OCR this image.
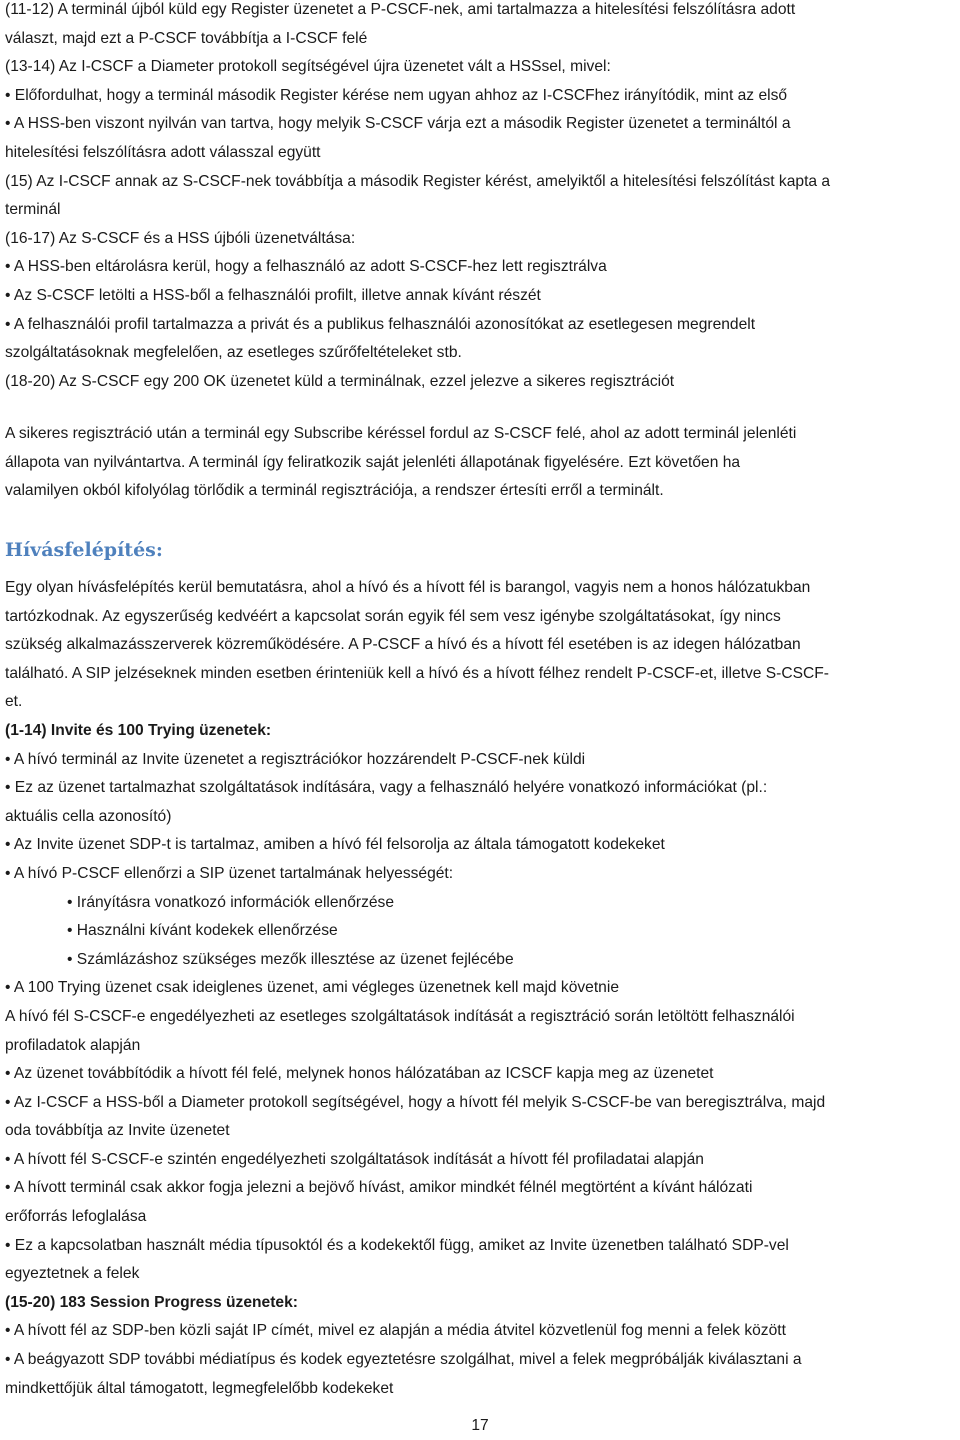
(11-12) A terminál újból küld egy Register üzenetet a P-CSCF-nek, ami tartalmazza a hitelesítési felszólításra adott
választ, majd ezt a P-CSCF továbbítja a I-CSCF felé
(13-14) Az I-CSCF a Diameter protokoll segítségével újra üzenetet vált a HSSsel, mivel:
• Előfordulhat, hogy a terminál második Register kérése nem ugyan ahhoz az I-CSCFhez irányítódik, mint az első
• A HSS-ben viszont nyilván van tartva, hogy melyik S-CSCF várja ezt a második Register üzenetet a termináltól a
hitelesítési felszólításra adott válasszal együtt
(15) Az I-CSCF annak az S-CSCF-nek továbbítja a második Register kérést, amelyiktől a hitelesítési felszólítást kapta a
terminál
(16-17) Az S-CSCF és a HSS újbóli üzenetváltása:
• A HSS-ben eltárolásra kerül, hogy a felhasználó az adott S-CSCF-hez lett regisztrálva
• Az S-CSCF letölti a HSS-ből a felhasználói profilt, illetve annak kívánt részét
• A felhasználói profil tartalmazza a privát és a publikus felhasználói azonosítókat az esetlegesen megrendelt
szolgáltatásoknak megfelelően, az esetleges szűrőfeltételeket stb.
(18-20) Az S-CSCF egy 200 OK üzenetet küld a terminálnak, ezzel jelezve a sikeres regisztrációt
A sikeres regisztráció után a terminál egy Subscribe kéréssel fordul az S-CSCF felé, ahol az adott terminál jelenléti
állapota van nyilvántartva. A terminál így feliratkozik saját jelenléti állapotának figyelésére. Ezt követően ha
valamilyen okból kifolyólag törlődik a terminál regisztrációja, a rendszer értesíti erről a terminált.
Hívásfelépítés:
Egy olyan hívásfelépítés kerül bemutatásra, ahol a hívó és a hívott fél is barangol, vagyis nem a honos hálózatukban
tartózkodnak. Az egyszerűség kedvéért a kapcsolat során egyik fél sem vesz igénybe szolgáltatásokat, így nincs
szükség alkalmazásszerverek közreműködésére. A P-CSCF a hívó és a hívott fél esetében is az idegen hálózatban
található. A SIP jelzéseknek minden esetben érinteniük kell a hívó és a hívott félhez rendelt P-CSCF-et, illetve S-CSCF-
et.
(1-14) Invite és 100 Trying üzenetek:
• A hívó terminál az Invite üzenetet a regisztrációkor hozzárendelt P-CSCF-nek küldi
• Ez az üzenet tartalmazhat szolgáltatások indítására, vagy a felhasználó helyére vonatkozó információkat (pl.:
aktuális cella azonosító)
• Az Invite üzenet SDP-t is tartalmaz, amiben a hívó fél felsorolja az általa támogatott kodekeket
• A hívó P-CSCF ellenőrzi a SIP üzenet tartalmának helyességét:
• Irányításra vonatkozó információk ellenőrzése
• Használni kívánt kodekek ellenőrzése
• Számlázáshoz szükséges mezők illesztése az üzenet fejlécébe
• A 100 Trying üzenet csak ideiglenes üzenet, ami végleges üzenetnek kell majd követnie
A hívó fél S-CSCF-e engedélyezheti az esetleges szolgáltatások indítását a regisztráció során letöltött felhasználói
profiladatok alapján
• Az üzenet továbbítódik a hívott fél felé, melynek honos hálózatában az ICSCF kapja meg az üzenetet
• Az I-CSCF a HSS-ből a Diameter protokoll segítségével, hogy a hívott fél melyik S-CSCF-be van beregisztrálva, majd
oda továbbítja az Invite üzenetet
• A hívott fél S-CSCF-e szintén engedélyezheti szolgáltatások indítását a hívott fél profiladatai alapján
• A hívott terminál csak akkor fogja jelezni a bejövő hívást, amikor mindkét félnél megtörtént a kívánt hálózati
erőforrás lefoglalása
• Ez a kapcsolatban használt média típusoktól és a kodekektől függ, amiket az Invite üzenetben található SDP-vel
egyeztetnek a felek
(15-20) 183 Session Progress üzenetek:
• A hívott fél az SDP-ben közli saját IP címét, mivel ez alapján a média átvitel közvetlenül fog menni a felek között
• A beágyazott SDP további médiatípus és kodek egyeztetésre szolgálhat, mivel a felek megpróbálják kiválasztani a
mindkettőjük által támogatott, legmegfelelőbb kodekeket
17
